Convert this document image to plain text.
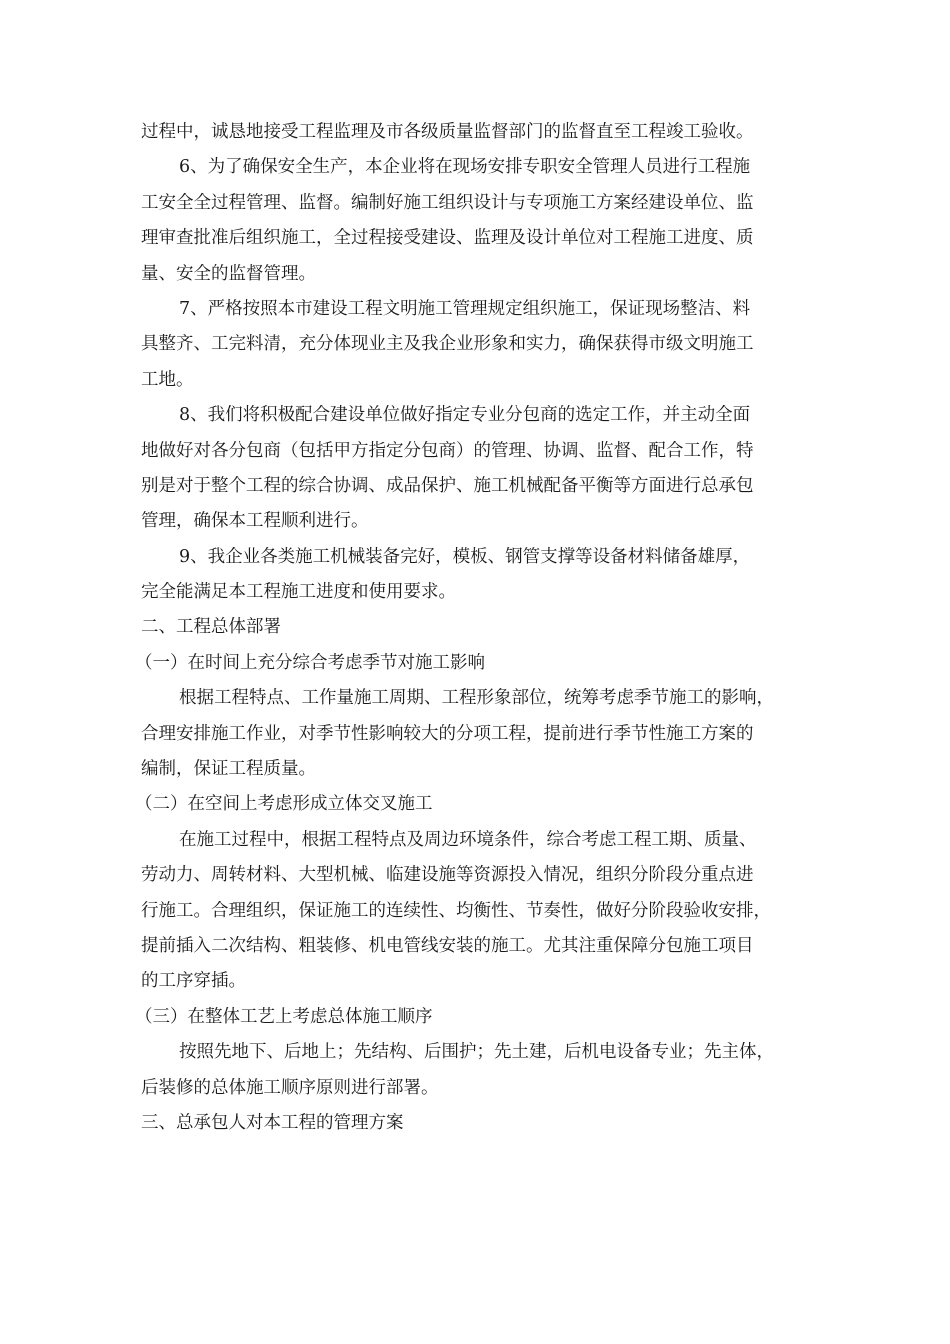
过程中，诚恳地接受工程监理及市各级质量监督部门的监督直至工程竣工验收。
6、为了确保安全生产，本企业将在现场安排专职安全管理人员进行工程施
工安全全过程管理、监督。编制好施工组织设计与专项施工方案经建设单位、监
理审查批准后组织施工，全过程接受建设、监理及设计单位对工程施工进度、质
量、安全的监督管理。
7、严格按照本市建设工程文明施工管理规定组织施工，保证现场整洁、料
具整齐、工完料清，充分体现业主及我企业形象和实力，确保获得市级文明施工
工地。
8、我们将积极配合建设单位做好指定专业分包商的选定工作，并主动全面
地做好对各分包商（包括甲方指定分包商）的管理、协调、监督、配合工作，特
别是对于整个工程的综合协调、成品保护、施工机械配备平衡等方面进行总承包
管理，确保本工程顺利进行。
9、我企业各类施工机械装备完好，模板、钢管支撑等设备材料储备雄厚，
完全能满足本工程施工进度和使用要求。
二、工程总体部署
（一）在时间上充分综合考虑季节对施工影响
根据工程特点、工作量施工周期、工程形象部位，统筹考虑季节施工的影响，
合理安排施工作业，对季节性影响较大的分项工程，提前进行季节性施工方案的
编制，保证工程质量。
（二）在空间上考虑形成立体交叉施工
在施工过程中，根据工程特点及周边环境条件，综合考虑工程工期、质量、
劳动力、周转材料、大型机械、临建设施等资源投入情况，组织分阶段分重点进
行施工。合理组织，保证施工的连续性、均衡性、节奏性，做好分阶段验收安排，
提前插入二次结构、粗装修、机电管线安装的施工。尤其注重保障分包施工项目
的工序穿插。
（三）在整体工艺上考虑总体施工顺序
按照先地下、后地上；先结构、后围护；先土建，后机电设备专业；先主体，
后装修的总体施工顺序原则进行部署。
三、总承包人对本工程的管理方案
